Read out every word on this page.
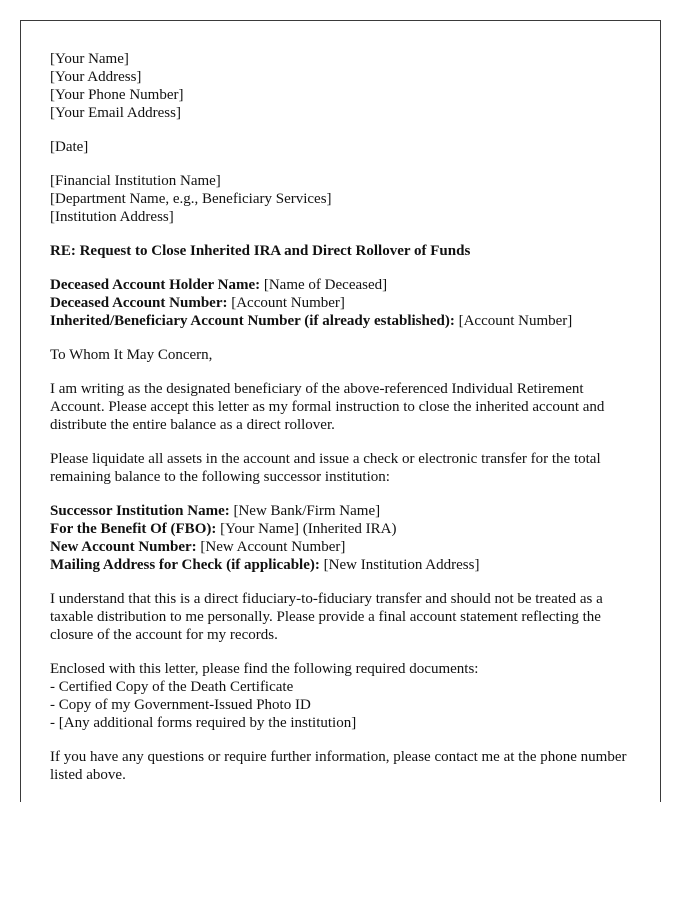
[Your Name]
[Your Address]
[Your Phone Number]
[Your Email Address]
[Date]
[Financial Institution Name]
[Department Name, e.g., Beneficiary Services]
[Institution Address]
RE: Request to Close Inherited IRA and Direct Rollover of Funds
Deceased Account Holder Name: [Name of Deceased]
Deceased Account Number: [Account Number]
Inherited/Beneficiary Account Number (if already established): [Account Number]
To Whom It May Concern,
I am writing as the designated beneficiary of the above-referenced Individual Retirement Account. Please accept this letter as my formal instruction to close the inherited account and distribute the entire balance as a direct rollover.
Please liquidate all assets in the account and issue a check or electronic transfer for the total remaining balance to the following successor institution:
Successor Institution Name: [New Bank/Firm Name]
For the Benefit Of (FBO): [Your Name] (Inherited IRA)
New Account Number: [New Account Number]
Mailing Address for Check (if applicable): [New Institution Address]
I understand that this is a direct fiduciary-to-fiduciary transfer and should not be treated as a taxable distribution to me personally. Please provide a final account statement reflecting the closure of the account for my records.
Enclosed with this letter, please find the following required documents:
- Certified Copy of the Death Certificate
- Copy of my Government-Issued Photo ID
- [Any additional forms required by the institution]
If you have any questions or require further information, please contact me at the phone number listed above.
